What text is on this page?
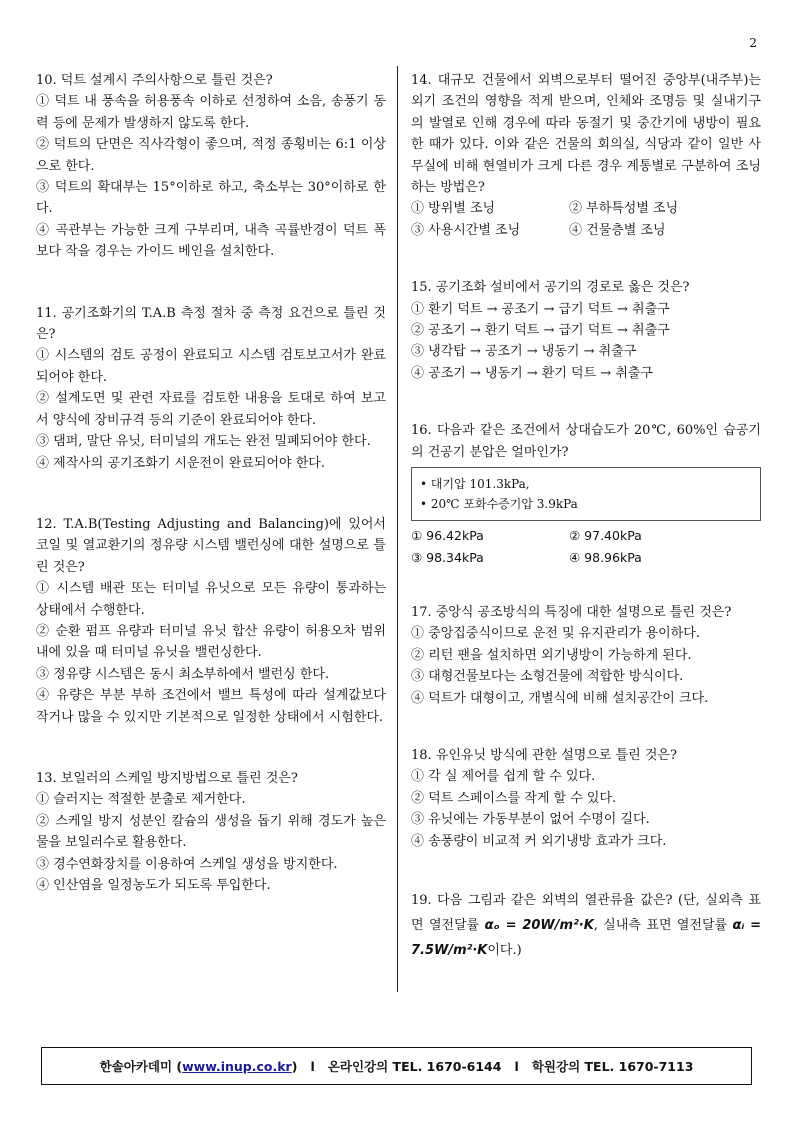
2

10. 덕트 설계시 주의사항으로 틀린 것은?

① 덕트 내 풍속을 허용풍속 이하로 선정하여 소음, 송풍기 동력 등에 문제가 발생하지 않도록 한다.

② 덕트의 단면은 직사각형이 좋으며, 적정 종횡비는 6:1 이상으로 한다.

③ 덕트의 확대부는 15°이하로 하고, 축소부는 30°이하로 한다.

④ 곡관부는 가능한 크게 구부리며, 내측 곡률반경이 덕트 폭보다 작을 경우는 가이드 베인을 설치한다.

11. 공기조화기의 T.A.B 측정 절차 중 측정 요건으로 틀린 것은?

① 시스템의 검토 공정이 완료되고 시스템 검토보고서가 완료되어야 한다.

② 설계도면 및 관련 자료를 검토한 내용을 토대로 하여 보고서 양식에 장비규격 등의 기준이 완료되어야 한다.

③ 댐퍼, 말단 유닛, 터미널의 개도는 완전 밀폐되어야 한다.

④ 제작사의 공기조화기 시운전이 완료되어야 한다.

12. T.A.B(Testing Adjusting and Balancing)에 있어서 코일 및 열교환기의 정유량 시스템 밸런싱에 대한 설명으로 틀린 것은?

① 시스템 배관 또는 터미널 유닛으로 모든 유량이 통과하는 상태에서 수행한다.

② 순환 펌프 유량과 터미널 유닛 합산 유량이 허용오차 범위 내에 있을 때 터미널 유닛을 밸런싱한다.

③ 정유량 시스템은 동시 최소부하에서 밸런싱 한다.

④ 유량은 부분 부하 조건에서 밸브 특성에 따라 설계값보다 작거나 많을 수 있지만 기본적으로 일정한 상태에서 시험한다.

13. 보일러의 스케일 방지방법으로 틀린 것은?

① 슬러지는 적절한 분출로 제거한다.

② 스케일 방지 성분인 칼슘의 생성을 돕기 위해 경도가 높은 물을 보일러수로 활용한다.

③ 경수연화장치를 이용하여 스케일 생성을 방지한다.

④ 인산염을 일정농도가 되도록 투입한다.

14. 대규모 건물에서 외벽으로부터 떨어진 중앙부(내주부)는 외기 조건의 영향을 적게 받으며, 인체와 조명등 및 실내기구의 발열로 인해 경우에 따라 동절기 및 중간기에 냉방이 필요한 때가 있다. 이와 같은 건물의 회의실, 식당과 같이 일반 사무실에 비해 현열비가 크게 다른 경우 계통별로 구분하여 조닝하는 방법은?

① 방위별 조닝	② 부하특성별 조닝
③ 사용시간별 조닝	④ 건물층별 조닝

15. 공기조화 설비에서 공기의 경로로 옳은 것은?

① 환기 덕트 → 공조기 → 급기 덕트 → 취출구

② 공조기 → 환기 덕트 → 급기 덕트 → 취출구

③ 냉각탑 → 공조기 → 냉동기 → 취출구

④ 공조기 → 냉동기 → 환기 덕트 → 취출구

16. 다음과 같은 조건에서 상대습도가 20℃, 60%인 습공기의 건공기 분압은 얼마인가?

• 대기압 101.3kPa,
• 20℃ 포화수증기압 3.9kPa
① 96.42kPa	② 97.40kPa
③ 98.34kPa	④ 98.96kPa

17. 중앙식 공조방식의 특징에 대한 설명으로 틀린 것은?

① 중앙집중식이므로 운전 및 유지관리가 용이하다.

② 리턴 팬을 설치하면 외기냉방이 가능하게 된다.

③ 대형건물보다는 소형건물에 적합한 방식이다.

④ 덕트가 대형이고, 개별식에 비해 설치공간이 크다.

18. 유인유닛 방식에 관한 설명으로 틀린 것은?

① 각 실 제어를 쉽게 할 수 있다.

② 덕트 스페이스를 작게 할 수 있다.

③ 유닛에는 가동부분이 없어 수명이 길다.

④ 송풍량이 비교적 커 외기냉방 효과가 크다.

19. 다음 그림과 같은 외벽의 열관류율 값은? (단, 실외측 표면 열전달률 αₒ = 20W/m²·K, 실내측 표면 열전달률 αᵢ = 7.5W/m²·K이다.)

한솔아카데미 ( www.inup.co.kr )   l   온라인강의 TEL. 1670-6144   l   학원강의 TEL. 1670-7113
